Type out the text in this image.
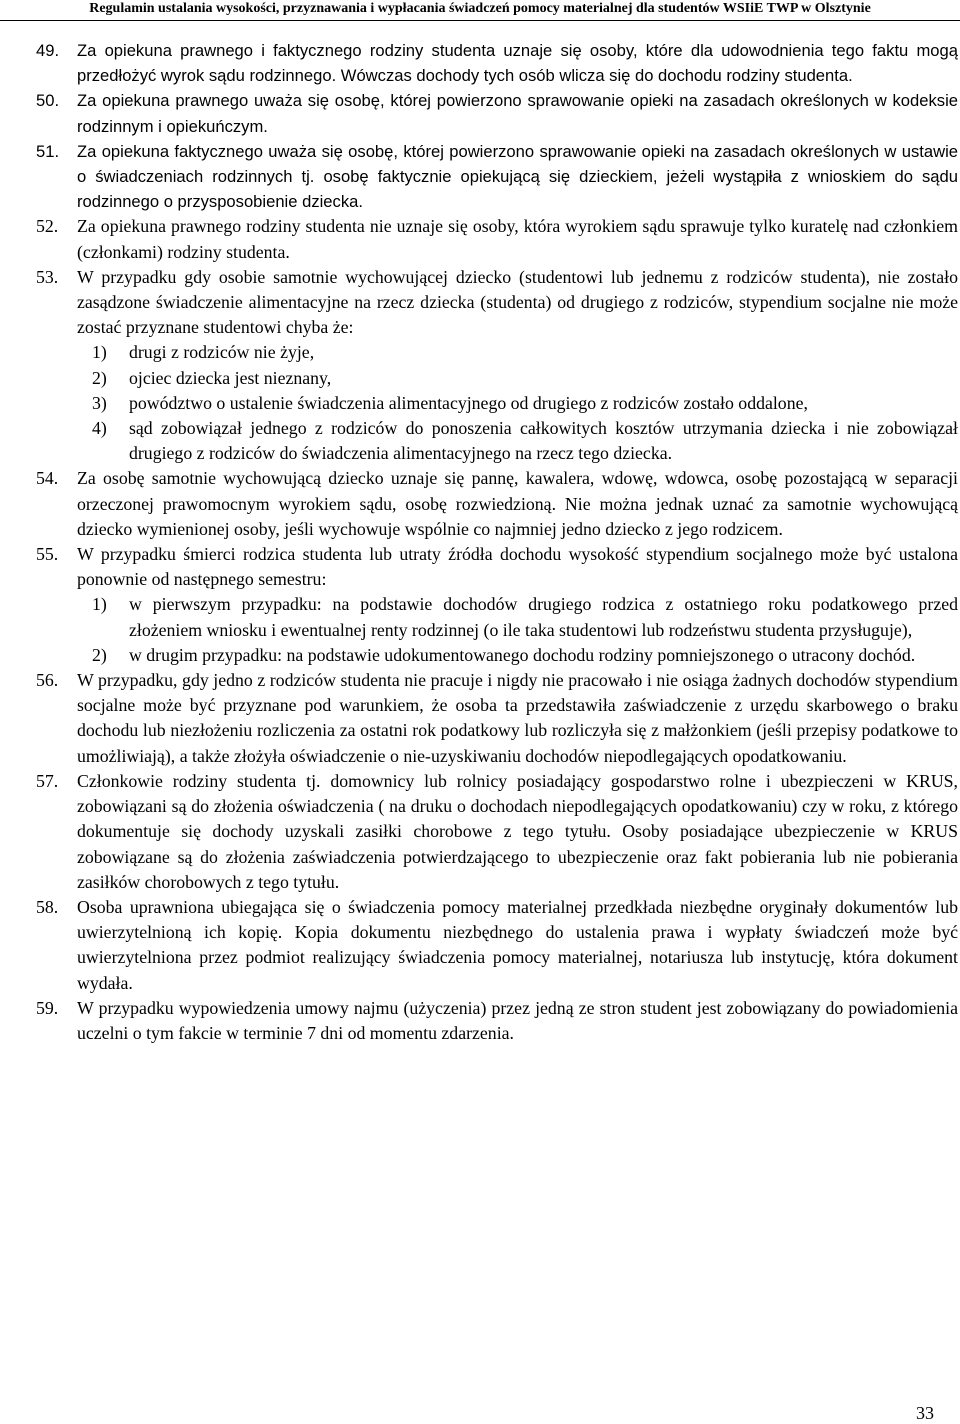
Regulamin ustalania wysokości, przyznawania i wypłacania świadczeń pomocy materialnej dla studentów WSIiE TWP w Olsztynie
49. Za opiekuna prawnego i faktycznego rodziny studenta uznaje się osoby, które dla udowodnienia tego faktu mogą przedłożyć wyrok sądu rodzinnego. Wówczas dochody tych osób wlicza się do dochodu rodziny studenta.
50. Za opiekuna prawnego uważa się osobę, której powierzono sprawowanie opieki na zasadach określonych w kodeksie rodzinnym i opiekuńczym.
51. Za opiekuna faktycznego uważa się osobę, której powierzono sprawowanie opieki na zasadach określonych w ustawie o świadczeniach rodzinnych tj. osobę faktycznie opiekującą się dzieckiem, jeżeli wystąpiła z wnioskiem do sądu rodzinnego o przysposobienie dziecka.
52. Za opiekuna prawnego rodziny studenta nie uznaje się osoby, która wyrokiem sądu sprawuje tylko kuratelę nad członkiem (członkami) rodziny studenta.
53. W przypadku gdy osobie samotnie wychowującej dziecko (studentowi lub jednemu z rodziców studenta), nie zostało zasądzone świadczenie alimentacyjne na rzecz dziecka (studenta) od drugiego z rodziców, stypendium socjalne nie może zostać przyznane studentowi chyba że:
1) drugi z rodziców nie żyje,
2) ojciec dziecka jest nieznany,
3) powództwo o ustalenie świadczenia alimentacyjnego od drugiego z rodziców zostało oddalone,
4) sąd zobowiązał jednego z rodziców do ponoszenia całkowitych kosztów utrzymania dziecka i nie zobowiązał drugiego z rodziców do świadczenia alimentacyjnego na rzecz tego dziecka.
54. Za osobę samotnie wychowującą dziecko uznaje się pannę, kawalera, wdowę, wdowca, osobę pozostającą w separacji orzeczonej prawomocnym wyrokiem sądu, osobę rozwiedzioną. Nie można jednak uznać za samotnie wychowującą dziecko wymienionej osoby, jeśli wychowuje wspólnie co najmniej jedno dziecko z jego rodzicem.
55. W przypadku śmierci rodzica studenta lub utraty źródła dochodu wysokość stypendium socjalnego może być ustalona ponownie od następnego semestru:
1) w pierwszym przypadku: na podstawie dochodów drugiego rodzica z ostatniego roku podatkowego przed złożeniem wniosku i ewentualnej renty rodzinnej (o ile taka studentowi lub rodzeństwu studenta przysługuje),
2) w drugim przypadku: na podstawie udokumentowanego dochodu rodziny pomniejszonego o utracony dochód.
56. W przypadku, gdy jedno z rodziców studenta nie pracuje i nigdy nie pracowało i nie osiąga żadnych dochodów stypendium socjalne może być przyznane pod warunkiem, że osoba ta przedstawiła zaświadczenie z urzędu skarbowego o braku dochodu lub niezłożeniu rozliczenia za ostatni rok podatkowy lub rozliczyła się z małżonkiem (jeśli przepisy podatkowe to umożliwiają), a także złożyła oświadczenie o nie-uzyskiwaniu dochodów niepodlegających opodatkowaniu.
57. Członkowie rodziny studenta tj. domownicy lub rolnicy posiadający gospodarstwo rolne i ubezpieczeni w KRUS, zobowiązani są do złożenia oświadczenia ( na druku o dochodach niepodlegających opodatkowaniu) czy w roku, z którego dokumentuje się dochody uzyskali zasiłki chorobowe z tego tytułu. Osoby posiadające ubezpieczenie w KRUS zobowiązane są do złożenia zaświadczenia potwierdzającego to ubezpieczenie oraz fakt pobierania lub nie pobierania zasiłków chorobowych z tego tytułu.
58. Osoba uprawniona ubiegająca się o świadczenia pomocy materialnej przedkłada niezbędne oryginały dokumentów lub uwierzytelnioną ich kopię. Kopia dokumentu niezbędnego do ustalenia prawa i wypłaty świadczeń może być uwierzytelniona przez podmiot realizujący świadczenia pomocy materialnej, notariusza lub instytucję, która dokument wydała.
59. W przypadku wypowiedzenia umowy najmu (użyczenia) przez jedną ze stron student jest zobowiązany do powiadomienia uczelni o tym fakcie w terminie 7 dni od momentu zdarzenia.
33
